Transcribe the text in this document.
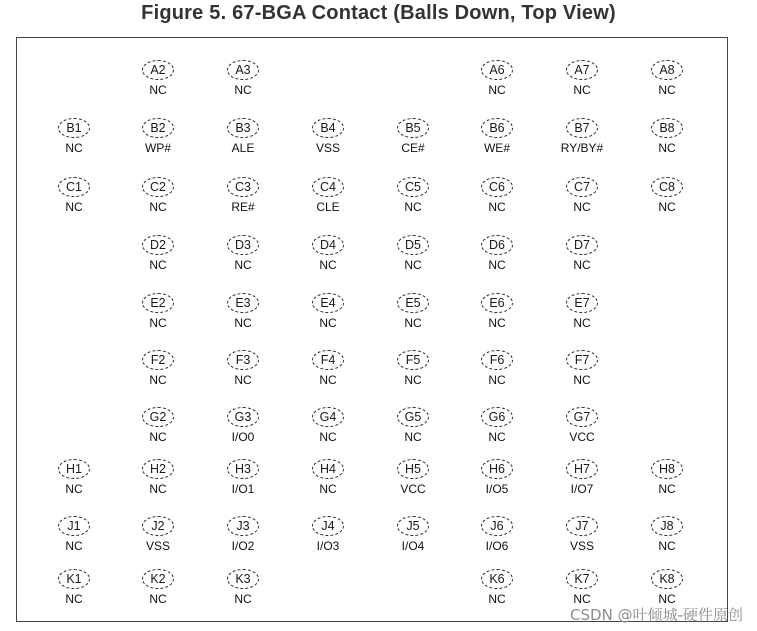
Figure 5. 67-BGA Contact (Balls Down, Top View)
A2
NC
A3
NC
A6
NC
A7
NC
A8
NC
B1
NC
B2
WP#
B3
ALE
B4
VSS
B5
CE#
B6
WE#
B7
RY/BY#
B8
NC
C1
NC
C2
NC
C3
RE#
C4
CLE
C5
NC
C6
NC
C7
NC
C8
NC
D2
NC
D3
NC
D4
NC
D5
NC
D6
NC
D7
NC
E2
NC
E3
NC
E4
NC
E5
NC
E6
NC
E7
NC
F2
NC
F3
NC
F4
NC
F5
NC
F6
NC
F7
NC
G2
NC
G3
I/O0
G4
NC
G5
NC
G6
NC
G7
VCC
H1
NC
H2
NC
H3
I/O1
H4
NC
H5
VCC
H6
I/O5
H7
I/O7
H8
NC
J1
NC
J2
VSS
J3
I/O2
J4
I/O3
J5
I/O4
J6
I/O6
J7
VSS
J8
NC
K1
NC
K2
NC
K3
NC
K6
NC
K7
NC
K8
NC
CSDN @叶倾城-硬件原创
